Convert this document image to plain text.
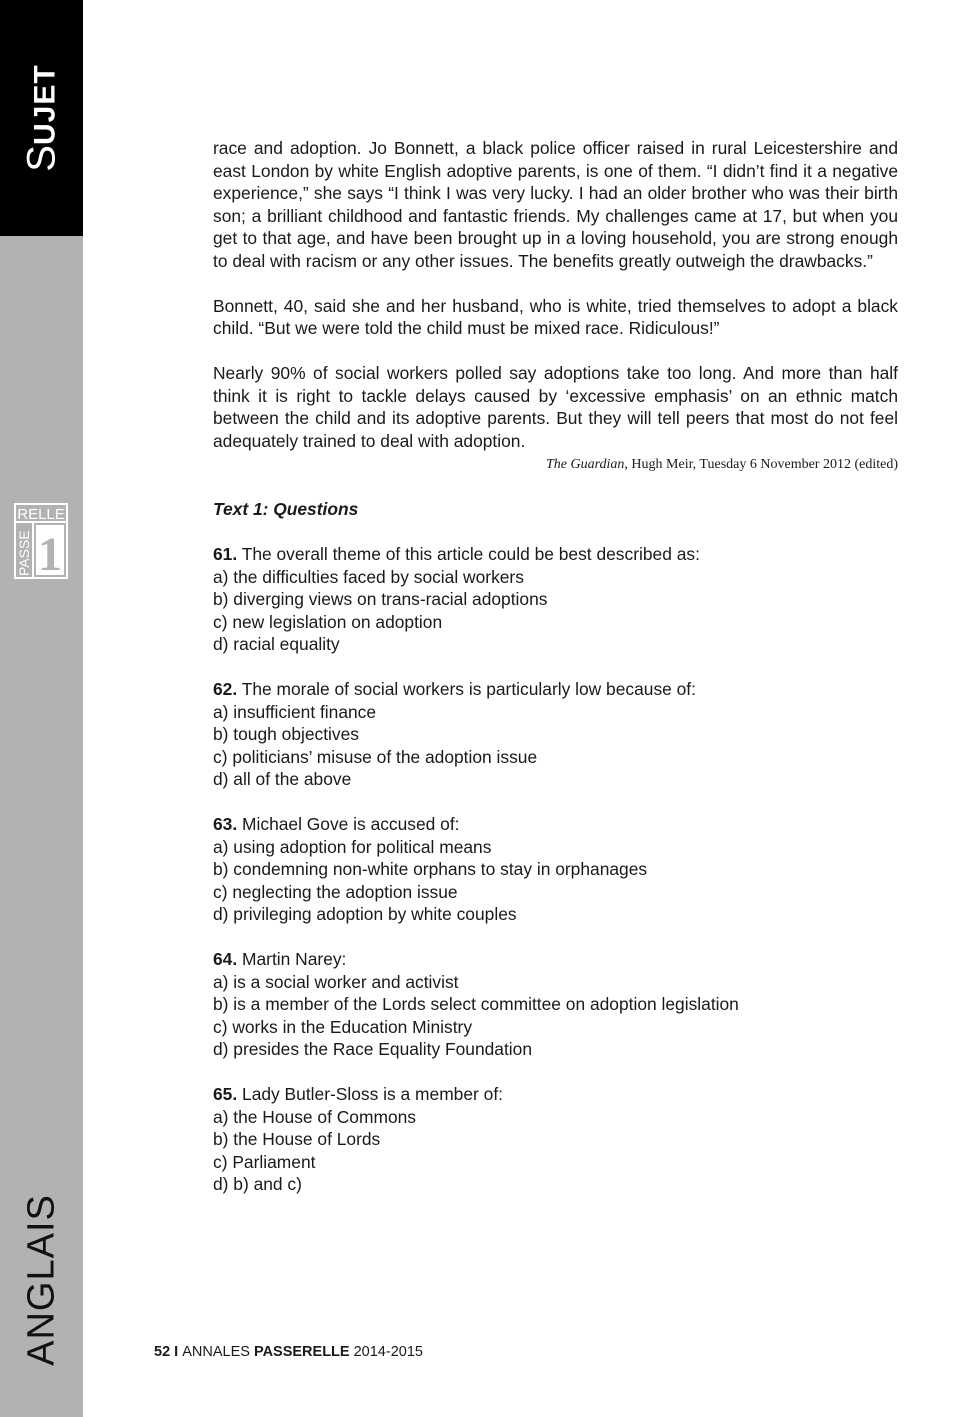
SUJET
RELLE
PASSE 1
ANGLAIS

race and adoption. Jo Bonnett, a black police officer raised in rural Leicestershire and east London by white English adoptive parents, is one of them. “I didn’t find it a negative experience,” she says “I think I was very lucky. I had an older brother who was their birth son; a brilliant childhood and fantastic friends. My challenges came at 17, but when you get to that age, and have been brought up in a loving household, you are strong enough to deal with racism or any other issues. The benefits greatly outweigh the drawbacks.”

Bonnett, 40, said she and her husband, who is white, tried themselves to adopt a black child. “But we were told the child must be mixed race. Ridiculous!”

Nearly 90% of social workers polled say adoptions take too long. And more than half think it is right to tackle delays caused by ‘excessive emphasis’ on an ethnic match between the child and its adoptive parents. But they will tell peers that most do not feel adequately trained to deal with adoption.

The Guardian, Hugh Meir, Tuesday 6 November 2012 (edited)

Text 1: Questions

61. The overall theme of this article could be best described as:
a) the difficulties faced by social workers
b) diverging views on trans-racial adoptions
c) new legislation on adoption
d) racial equality
62. The morale of social workers is particularly low because of:
a) insufficient finance
b) tough objectives
c) politicians’ misuse of the adoption issue
d) all of the above
63. Michael Gove is accused of:
a) using adoption for political means
b) condemning non-white orphans to stay in orphanages
c) neglecting the adoption issue
d) privileging adoption by white couples
64. Martin Narey:
a) is a social worker and activist
b) is a member of the Lords select committee on adoption legislation
c) works in the Education Ministry
d) presides the Race Equality Foundation
65. Lady Butler-Sloss is a member of:
a) the House of Commons
b) the House of Lords
c) Parliament
d) b) and c)
52 I ANNALES PASSERELLE 2014-2015
